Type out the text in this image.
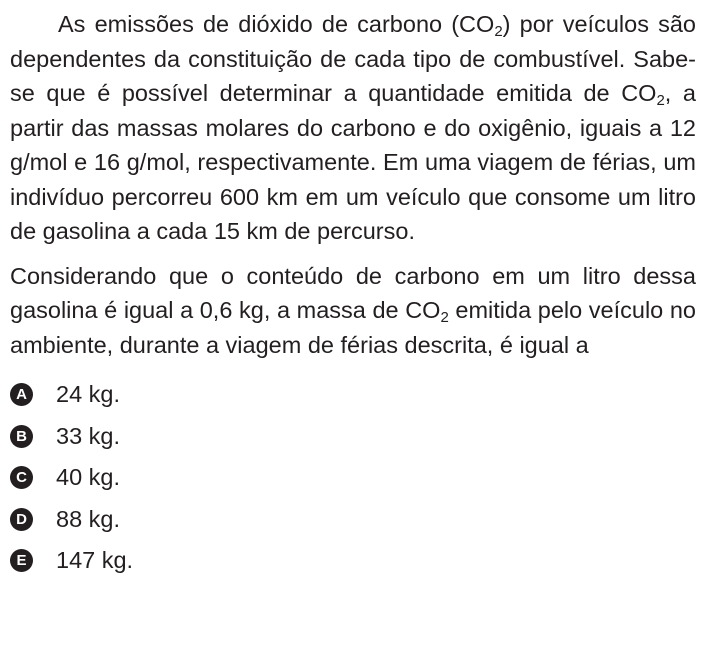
As emissões de dióxido de carbono $(CO_2)$ por veículos são dependentes da constituição de cada tipo de combustível. Sabe-se que é possível determinar a quantidade emitida de $CO_2$, a partir das massas molares do carbono e do oxigênio, iguais a 12 g/mol e 16 g/mol, respectivamente. Em uma viagem de férias, um indivíduo percorreu 600 km em um veículo que consome um litro de gasolina a cada 15 km de percurso.

Considerando que o conteúdo de carbono em um litro dessa gasolina é igual a 0,6 kg, a massa de $CO_2$ emitida pelo veículo no ambiente, durante a viagem de férias descrita, é igual a

A 24 kg.
B 33 kg.
C 40 kg.
D 88 kg.
E 147 kg.
